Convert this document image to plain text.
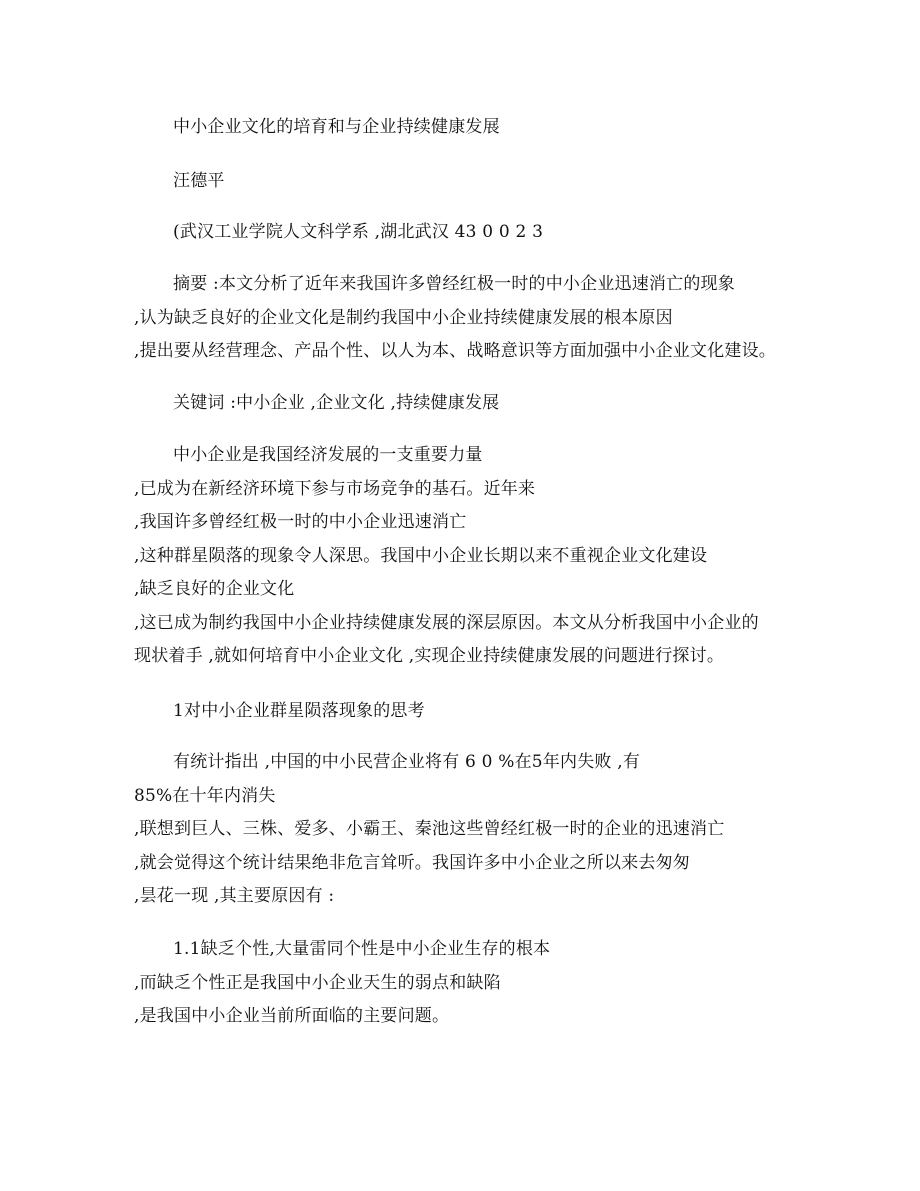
中小企业文化的培育和与企业持续健康发展
汪德平
(武汉工业学院人文科学系 ,湖北武汉 43 0 0 2 3
摘要 :本文分析了近年来我国许多曾经红极一时的中小企业迅速消亡的现象
,认为缺乏良好的企业文化是制约我国中小企业持续健康发展的根本原因
,提出要从经营理念、产品个性、以人为本、战略意识等方面加强中小企业文化建设。
关键词 :中小企业 ,企业文化 ,持续健康发展
中小企业是我国经济发展的一支重要力量
,已成为在新经济环境下参与市场竞争的基石。近年来
,我国许多曾经红极一时的中小企业迅速消亡
,这种群星陨落的现象令人深思。我国中小企业长期以来不重视企业文化建设
,缺乏良好的企业文化
,这已成为制约我国中小企业持续健康发展的深层原因。本文从分析我国中小企业的
现状着手 ,就如何培育中小企业文化 ,实现企业持续健康发展的问题进行探讨。
1对中小企业群星陨落现象的思考
有统计指出 ,中国的中小民营企业将有 6 0 %在5年内失败 ,有
85%在十年内消失
,联想到巨人、三株、爱多、小霸王、秦池这些曾经红极一时的企业的迅速消亡
,就会觉得这个统计结果绝非危言耸听。我国许多中小企业之所以来去匆匆
,昙花一现 ,其主要原因有 :
1.1缺乏个性,大量雷同个性是中小企业生存的根本
,而缺乏个性正是我国中小企业天生的弱点和缺陷
,是我国中小企业当前所面临的主要问题。
